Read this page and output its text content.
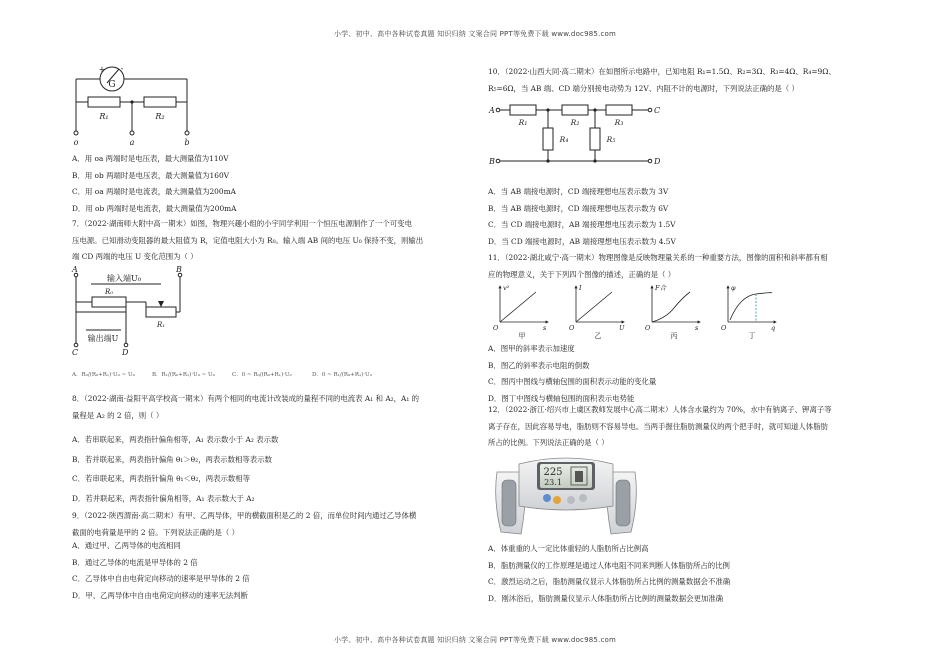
小学、初中、高中各种试卷真题 知识归纳 文案合同 PPT等免费下载 www.doc985.com
G
+ -
R₁	R₂
o	a	b
A．用 oa 两端时是电压表，最大测量值为110V
B．用 ob 两端时是电压表，最大测量值为160V
C．用 oa 两端时是电流表，最大测量值为200mA
D．用 ob 两端时是电流表，最大测量值为200mA
7．（2022·湖南师大附中高一期末）如图，物理兴趣小组的小宇同学利用一个恒压电源制作了一个可变电
压电源。已知滑动变阻器的最大阻值为 R，定值电阻大小为 R₀。输入端 AB 间的电压 U₀ 保持不变，则输出
端 CD 两端的电压 U 变化范围为（ ）
A	B
C	D
输入端U₀
输出端U
R₀
R₁
A．R₀/(R₀+R₁)·U₀ ~ U₀	B．R₁/(R₀+R₁)·U₀ ~ U₀	C．0 ~ R₀/(R₀+R₁)·U₀	D．0 ~ R₁/(R₀+R₁)·U₀
8．（2022·湖南·益阳平高学校高一期末）有两个相同的电流计改装成的量程不同的电流表 A₁ 和 A₂，A₁ 的
量程是 A₂ 的 2 倍，则（ ）
A．若串联起来，两表指针偏角相等，A₁ 表示数小于 A₂ 表示数
B．若并联起来，两表指针偏角 θ₁＞θ₂，两表示数相等表示数
C．若串联起来，两表指针偏角 θ₁＜θ₂，两表示数相等
D．若并联起来，两表指针偏角相等，A₁ 表示数大于 A₂
9．（2022·陕西渭南·高二期末）有甲、乙两导体，甲的横截面积是乙的 2 倍，而单位时间内通过乙导体横
截面的电荷量是甲的 2 倍。下列说法正确的是（ ）
A．通过甲、乙两导体的电流相同
B．通过乙导体的电流是甲导体的 2 倍
C．乙导体中自由电荷定向移动的速率是甲导体的 2 倍
D．甲、乙两导体中自由电荷定向移动的速率无法判断
10．（2022·山西大同·高二期末）在如图所示电路中，已知电阻 R₁=1.5Ω、R₂=3Ω、R₃=4Ω、R₄=9Ω、
R₅=6Ω，当 AB 端、CD 端分别接电动势为 12V、内阻不计的电源时，下列说法正确的是（ ）
A	C
B	D
R₁	R₂	R₃
R₄	R₅
A．当 AB 端接电源时，CD 端接理想电压表示数为 3V
B．当 AB 端接电源时，CD 端接理想电压表示数为 6V
C．当 CD 端接电源时，AB 端接理想电压表示数为 1.5V
D．当 CD 端接电源时，AB 端接理想电压表示数为 4.5V
11．（2022·湖北咸宁·高一期末）物理图像是反映物理量关系的一种重要方法，图像的面积和斜率都有相
应的物理意义，关于下列四个图像的描述，正确的是（ ）
v²
s
O
甲
I
U
O
乙
F合
s
O
丙
φ
q
O
丁
A．图甲的斜率表示加速度
B．图乙的斜率表示电阻的倒数
C．图丙中图线与横轴包围的面积表示动能的变化量
D．图丁中图线与横轴包围的面积表示电势能
12．（2022·浙江·绍兴市上虞区教师发展中心高二期末）人体含水量约为 70%，水中有钠离子、钾离子等
离子存在，因此容易导电，脂肪则不容易导电。当两手握住脂肪测量仪的两个把手时，就可知道人体脂肪
所占的比例。下列说法正确的是（ ）
225
23.1
A．体重重的人一定比体重轻的人脂肪所占比例高
B．脂肪测量仪的工作原理是通过人体电阻不同来判断人体脂肪所占的比例
C．激烈运动之后，脂肪测量仪显示人体脂肪所占比例的测量数据会不准确
D．刚沐浴后，脂肪测量仪显示人体脂肪所占比例的测量数据会更加准确
小学、初中、高中各种试卷真题 知识归纳 文案合同 PPT等免费下载 www.doc985.com
